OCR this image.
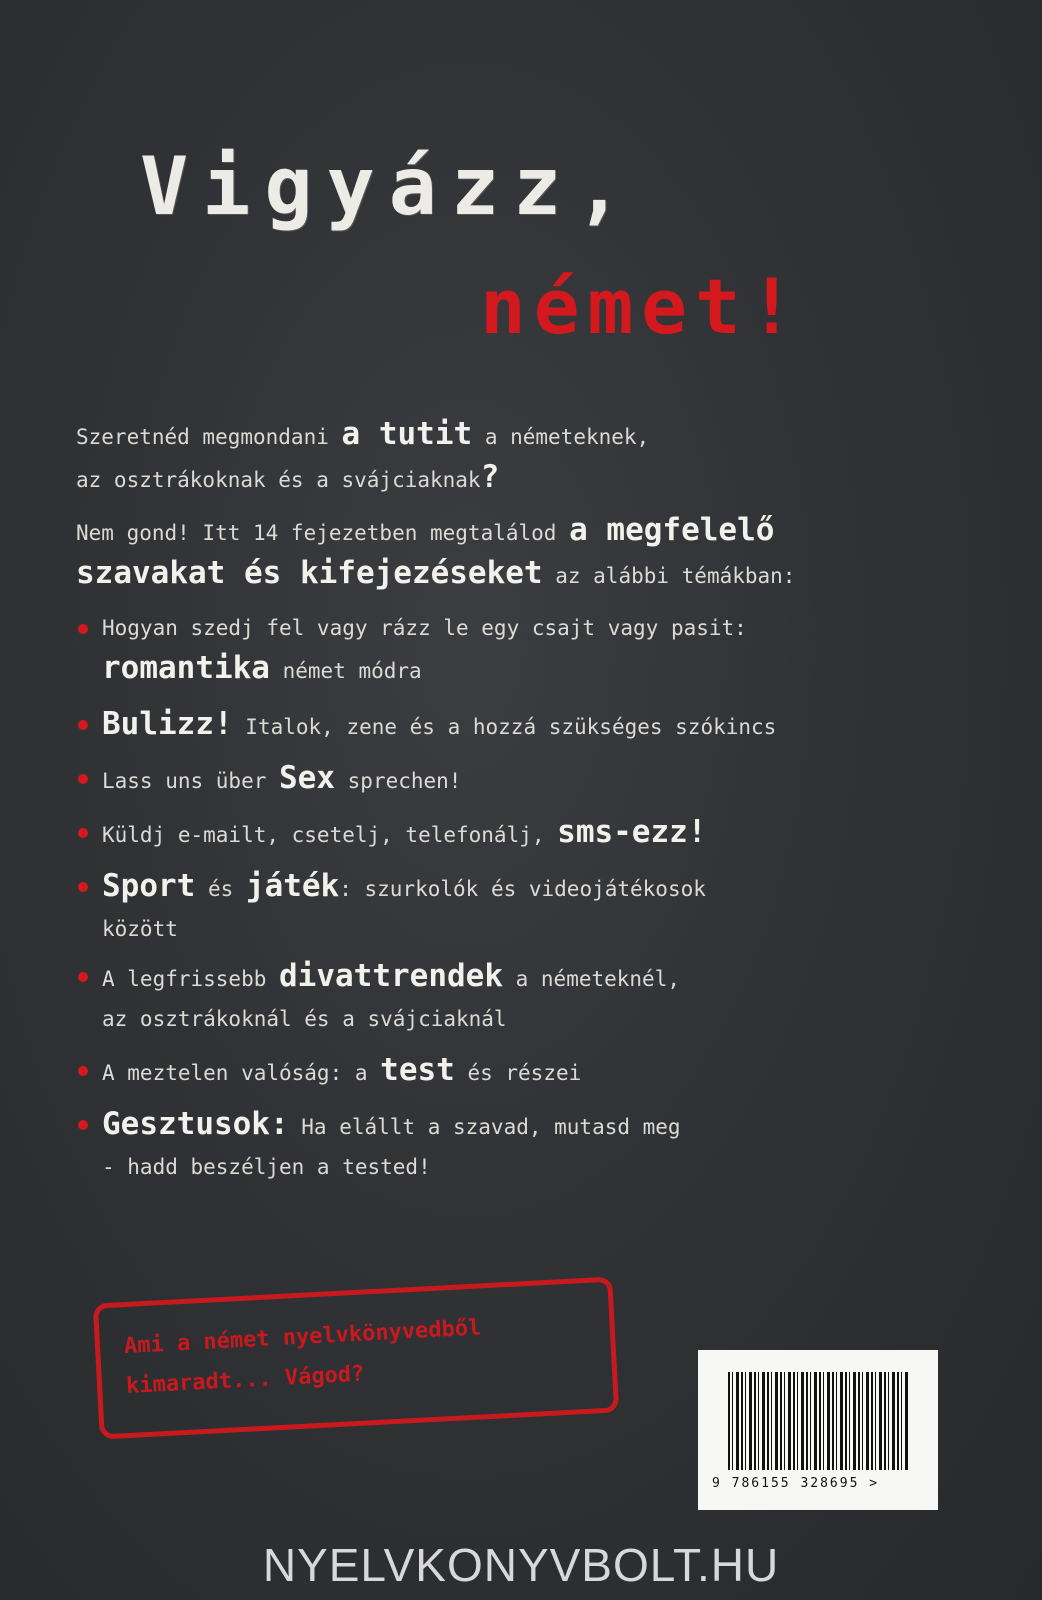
Vigyázz,
német!
Szeretnéd megmondani a tutit a németeknek,
az osztrákoknak és a svájciaknak?
Nem gond! Itt 14 fejezetben megtalálod a megfelelő
szavakat és kifejezéseket az alábbi témákban:
Hogyan szedj fel vagy rázz le egy csajt vagy pasit:
romantika német módra
Bulizz! Italok, zene és a hozzá szükséges szókincs
Lass uns über Sex sprechen!
Küldj e-mailt, csetelj, telefonálj, sms-ezz!
Sport és játék: szurkolók és videojátékosok
között
A legfrissebb divattrendek a németeknél,
az osztrákoknál és a svájciaknál
A meztelen valóság: a test és részei
Gesztusok: Ha elállt a szavad, mutasd meg
- hadd beszéljen a tested!
Ami a német nyelvkönyvedből
kimaradt... Vágod?
9 786155 328695 >
NYELVKONYVBOLT.HU
